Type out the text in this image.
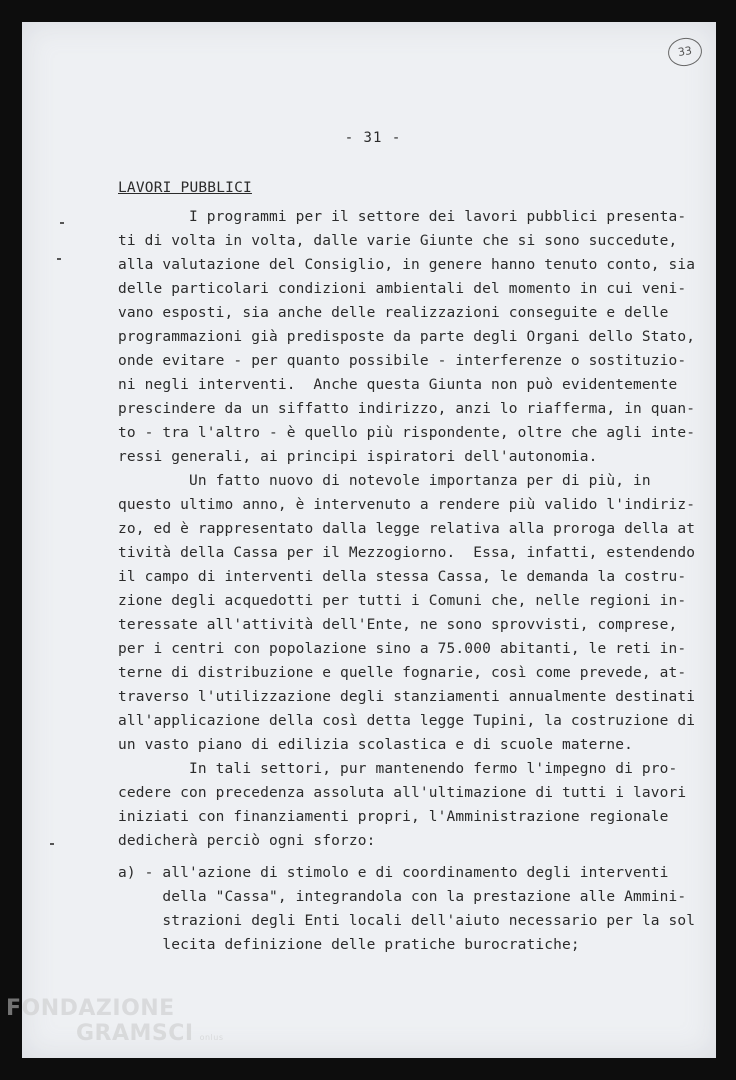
33
- 31 -
LAVORI PUBBLICI
I programmi per il settore dei lavori pubblici presenta-
ti di volta in volta, dalle varie Giunte che si sono succedute,
alla valutazione del Consiglio, in genere hanno tenuto conto, sia
delle particolari condizioni ambientali del momento in cui veni-
vano esposti, sia anche delle realizzazioni conseguite e delle
programmazioni già predisposte da parte degli Organi dello Stato,
onde evitare - per quanto possibile - interferenze o sostituzio-
ni negli interventi.  Anche questa Giunta non può evidentemente
prescindere da un siffatto indirizzo, anzi lo riafferma, in quan-
to - tra l'altro - è quello più rispondente, oltre che agli inte-
ressi generali, ai principi ispiratori dell'autonomia.
Un fatto nuovo di notevole importanza per di più, in
questo ultimo anno, è intervenuto a rendere più valido l'indiriz-
zo, ed è rappresentato dalla legge relativa alla proroga della at
tività della Cassa per il Mezzogiorno.  Essa, infatti, estendendo
il campo di interventi della stessa Cassa, le demanda la costru-
zione degli acquedotti per tutti i Comuni che, nelle regioni in-
teressate all'attività dell'Ente, ne sono sprovvisti, comprese,
per i centri con popolazione sino a 75.000 abitanti, le reti in-
terne di distribuzione e quelle fognarie, così come prevede, at-
traverso l'utilizzazione degli stanziamenti annualmente destinati
all'applicazione della così detta legge Tupini, la costruzione di
un vasto piano di edilizia scolastica e di scuole materne.
In tali settori, pur mantenendo fermo l'impegno di pro-
cedere con precedenza assoluta all'ultimazione di tutti i lavori
iniziati con finanziamenti propri, l'Amministrazione regionale
dedicherà perciò ogni sforzo:
a) - all'azione di stimolo e di coordinamento degli interventi
della "Cassa", integrandola con la prestazione alle Ammini-
strazioni degli Enti locali dell'aiuto necessario per la sol
lecita definizione delle pratiche burocratiche;
FONDAZIONE
GRAMSCI onlus
